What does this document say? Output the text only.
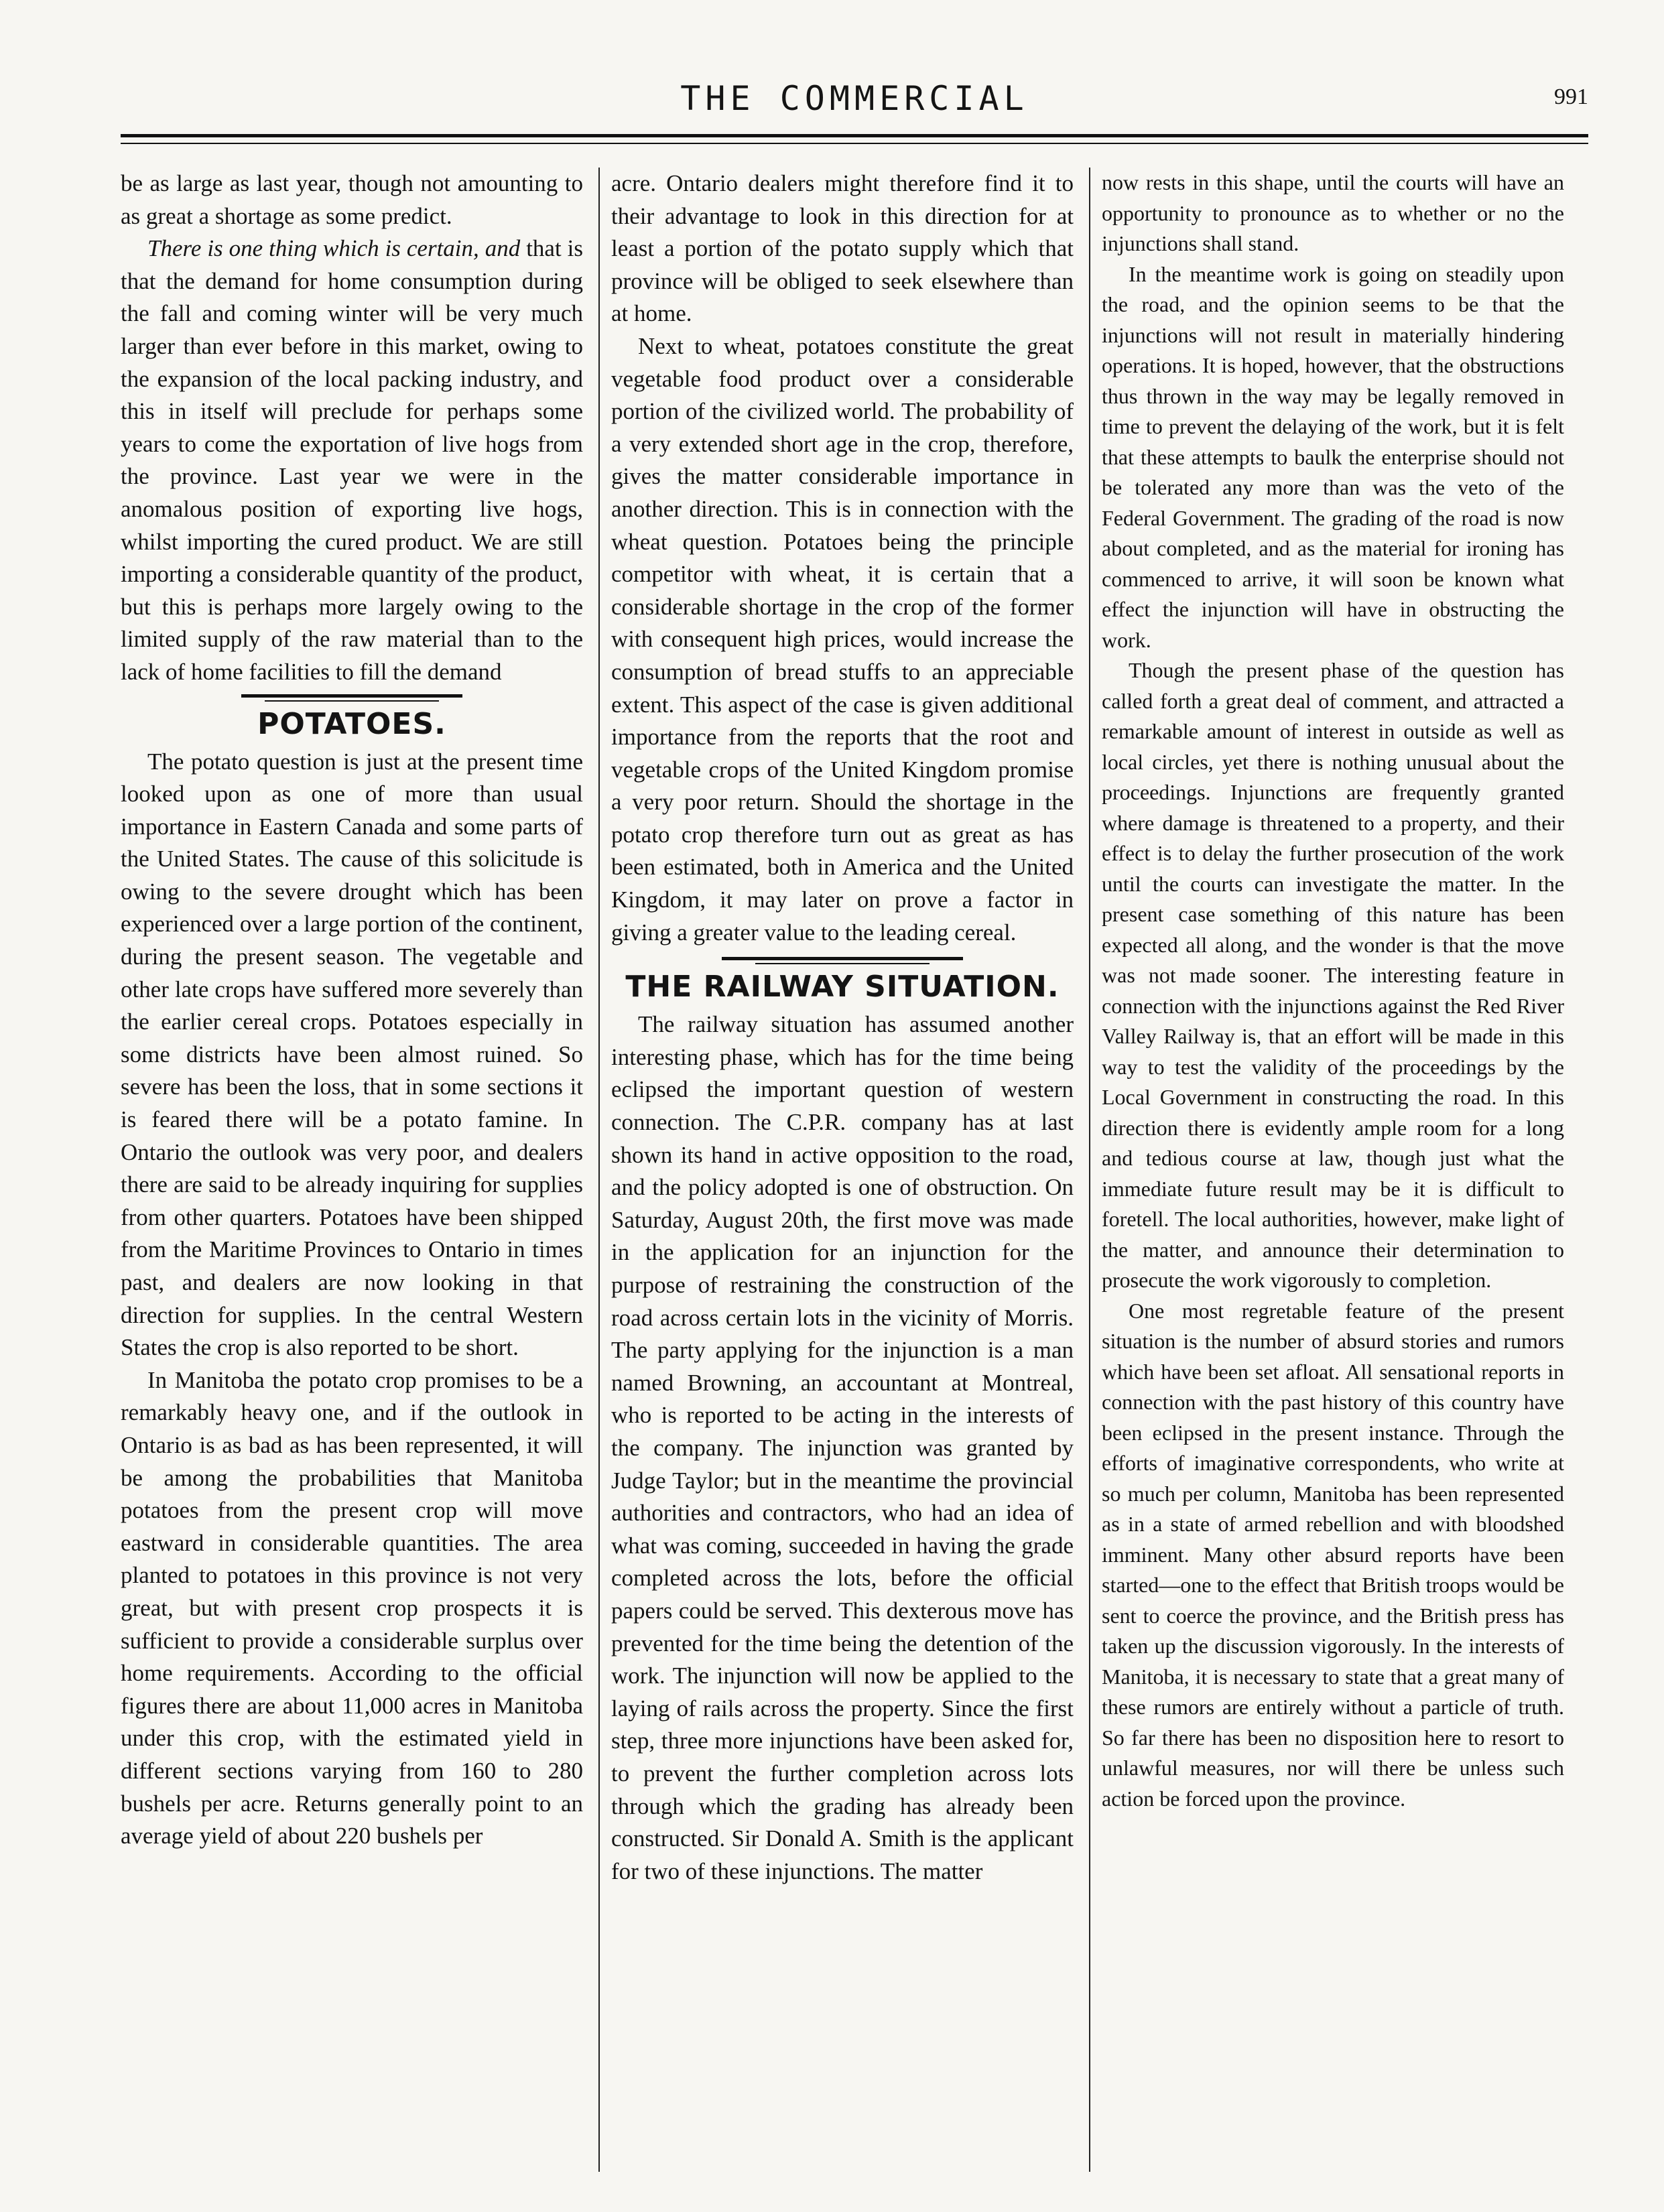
THE COMMERCIAL	991

be as large as last year, though not amounting to as great a shortage as some predict.

There is one thing which is certain, and that is that the demand for home consumption during the fall and coming winter will be very much larger than ever before in this market, owing to the expansion of the local packing industry, and this in itself will preclude for perhaps some years to come the exportation of live hogs from the province. Last year we were in the anomalous position of exporting live hogs, whilst importing the cured product. We are still importing a considerable quantity of the product, but this is perhaps more largely owing to the limited supply of the raw material than to the lack of home facilities to fill the demand

POTATOES.

The potato question is just at the present time looked upon as one of more than usual importance in Eastern Canada and some parts of the United States. The cause of this solicitude is owing to the severe drought which has been experienced over a large portion of the continent, during the present season. The vegetable and other late crops have suffered more severely than the earlier cereal crops. Potatoes especially in some districts have been almost ruined. So severe has been the loss, that in some sections it is feared there will be a potato famine. In Ontario the outlook was very poor, and dealers there are said to be already inquiring for supplies from other quarters. Potatoes have been shipped from the Maritime Provinces to Ontario in times past, and dealers are now looking in that direction for supplies. In the central Western States the crop is also reported to be short.

In Manitoba the potato crop promises to be a remarkably heavy one, and if the outlook in Ontario is as bad as has been represented, it will be among the probabilities that Manitoba potatoes from the present crop will move eastward in considerable quantities. The area planted to potatoes in this province is not very great, but with present crop prospects it is sufficient to provide a considerable surplus over home requirements. According to the official figures there are about 11,000 acres in Manitoba under this crop, with the estimated yield in different sections varying from 160 to 280 bushels per acre. Returns generally point to an average yield of about 220 bushels per

acre. Ontario dealers might therefore find it to their advantage to look in this direction for at least a portion of the potato supply which that province will be obliged to seek elsewhere than at home.

Next to wheat, potatoes constitute the great vegetable food product over a considerable portion of the civilized world. The probability of a very extended short age in the crop, therefore, gives the matter considerable importance in another direction. This is in connection with the wheat question. Potatoes being the principle competitor with wheat, it is certain that a considerable shortage in the crop of the former with consequent high prices, would increase the consumption of bread stuffs to an appreciable extent. This aspect of the case is given additional importance from the reports that the root and vegetable crops of the United Kingdom promise a very poor return. Should the shortage in the potato crop therefore turn out as great as has been estimated, both in America and the United Kingdom, it may later on prove a factor in giving a greater value to the leading cereal.

THE RAILWAY SITUATION.

The railway situation has assumed another interesting phase, which has for the time being eclipsed the important question of western connection. The C.P.R. company has at last shown its hand in active opposition to the road, and the policy adopted is one of obstruction. On Saturday, August 20th, the first move was made in the application for an injunction for the purpose of restraining the construction of the road across certain lots in the vicinity of Morris. The party applying for the injunction is a man named Browning, an accountant at Montreal, who is reported to be acting in the interests of the company. The injunction was granted by Judge Taylor; but in the meantime the provincial authorities and contractors, who had an idea of what was coming, succeeded in having the grade completed across the lots, before the official papers could be served. This dexterous move has prevented for the time being the detention of the work. The injunction will now be applied to the laying of rails across the property. Since the first step, three more injunctions have been asked for, to prevent the further completion across lots through which the grading has already been constructed. Sir Donald A. Smith is the applicant for two of these injunctions. The matter

now rests in this shape, until the courts will have an opportunity to pronounce as to whether or no the injunctions shall stand.

In the meantime work is going on steadily upon the road, and the opinion seems to be that the injunctions will not result in materially hindering operations. It is hoped, however, that the obstructions thus thrown in the way may be legally removed in time to prevent the delaying of the work, but it is felt that these attempts to baulk the enterprise should not be tolerated any more than was the veto of the Federal Government. The grading of the road is now about completed, and as the material for ironing has commenced to arrive, it will soon be known what effect the injunction will have in obstructing the work.

Though the present phase of the question has called forth a great deal of comment, and attracted a remarkable amount of interest in outside as well as local circles, yet there is nothing unusual about the proceedings. Injunctions are frequently granted where damage is threatened to a property, and their effect is to delay the further prosecution of the work until the courts can investigate the matter. In the present case something of this nature has been expected all along, and the wonder is that the move was not made sooner. The interesting feature in connection with the injunctions against the Red River Valley Railway is, that an effort will be made in this way to test the validity of the proceedings by the Local Government in constructing the road. In this direction there is evidently ample room for a long and tedious course at law, though just what the immediate future result may be it is difficult to foretell. The local authorities, however, make light of the matter, and announce their determination to prosecute the work vigorously to completion.

One most regretable feature of the present situation is the number of absurd stories and rumors which have been set afloat. All sensational reports in connection with the past history of this country have been eclipsed in the present instance. Through the efforts of imaginative correspondents, who write at so much per column, Manitoba has been represented as in a state of armed rebellion and with bloodshed imminent. Many other absurd reports have been started—one to the effect that British troops would be sent to coerce the province, and the British press has taken up the discussion vigorously. In the interests of Manitoba, it is necessary to state that a great many of these rumors are entirely without a particle of truth. So far there has been no disposition here to resort to unlawful measures, nor will there be unless such action be forced upon the province.
